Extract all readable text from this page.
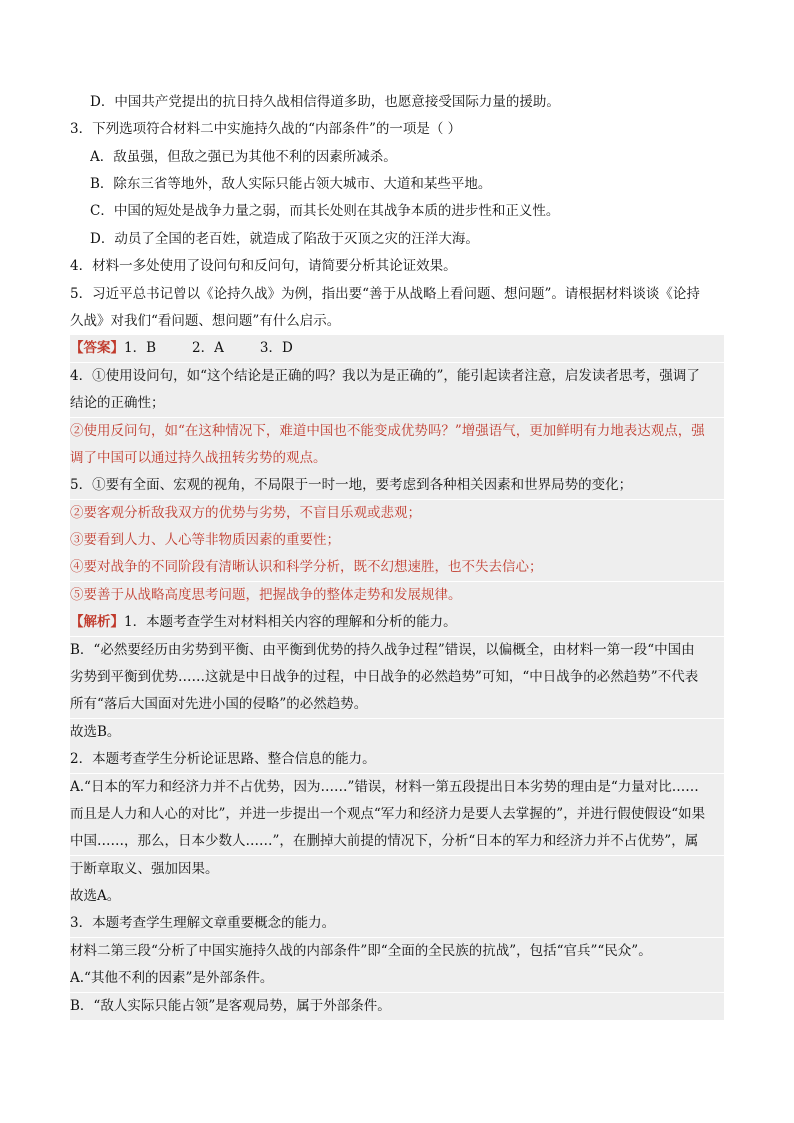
D．中国共产党提出的抗日持久战相信得道多助，也愿意接受国际力量的援助。
3．下列选项符合材料二中实施持久战的“内部条件”的一项是（ ）
A．敌虽强，但敌之强已为其他不利的因素所减杀。
B．除东三省等地外，敌人实际只能占领大城市、大道和某些平地。
C．中国的短处是战争力量之弱，而其长处则在其战争本质的进步性和正义性。
D．动员了全国的老百姓，就造成了陷敌于灭顶之灾的汪洋大海。
4．材料一多处使用了设问句和反问句，请简要分析其论证效果。
5．习近平总书记曾以《论持久战》为例，指出要“善于从战略上看问题、想问题”。请根据材料谈谈《论持
久战》对我们“看问题、想问题”有什么启示。
【答案】1．B	2．A	3．D
4．①使用设问句，如“这个结论是正确的吗？我以为是正确的”，能引起读者注意，启发读者思考，强调了
结论的正确性；
②使用反问句，如“在这种情况下，难道中国也不能变成优势吗？”增强语气，更加鲜明有力地表达观点，强
调了中国可以通过持久战扭转劣势的观点。
5．①要有全面、宏观的视角，不局限于一时一地，要考虑到各种相关因素和世界局势的变化；
②要客观分析敌我双方的优势与劣势，不盲目乐观或悲观；
③要看到人力、人心等非物质因素的重要性；
④要对战争的不同阶段有清晰认识和科学分析，既不幻想速胜，也不失去信心；
⑤要善于从战略高度思考问题，把握战争的整体走势和发展规律。
【解析】1．本题考查学生对材料相关内容的理解和分析的能力。
B．“必然要经历由劣势到平衡、由平衡到优势的持久战争过程”错误，以偏概全，由材料一第一段“中国由
劣势到平衡到优势……这就是中日战争的过程，中日战争的必然趋势”可知，“中日战争的必然趋势”不代表
所有“落后大国面对先进小国的侵略”的必然趋势。
故选B。
2．本题考查学生分析论证思路、整合信息的能力。
A.“日本的军力和经济力并不占优势，因为……”错误，材料一第五段提出日本劣势的理由是“力量对比……
而且是人力和人心的对比”，并进一步提出一个观点“军力和经济力是要人去掌握的”，并进行假使假设“如果
中国……，那么，日本少数人……”，在删掉大前提的情况下，分析“日本的军力和经济力并不占优势”，属
于断章取义、强加因果。
故选A。
3．本题考查学生理解文章重要概念的能力。
材料二第三段“分析了中国实施持久战的内部条件”即“全面的全民族的抗战”，包括“官兵”“民众”。
A.“其他不利的因素”是外部条件。
B．“敌人实际只能占领”是客观局势，属于外部条件。
